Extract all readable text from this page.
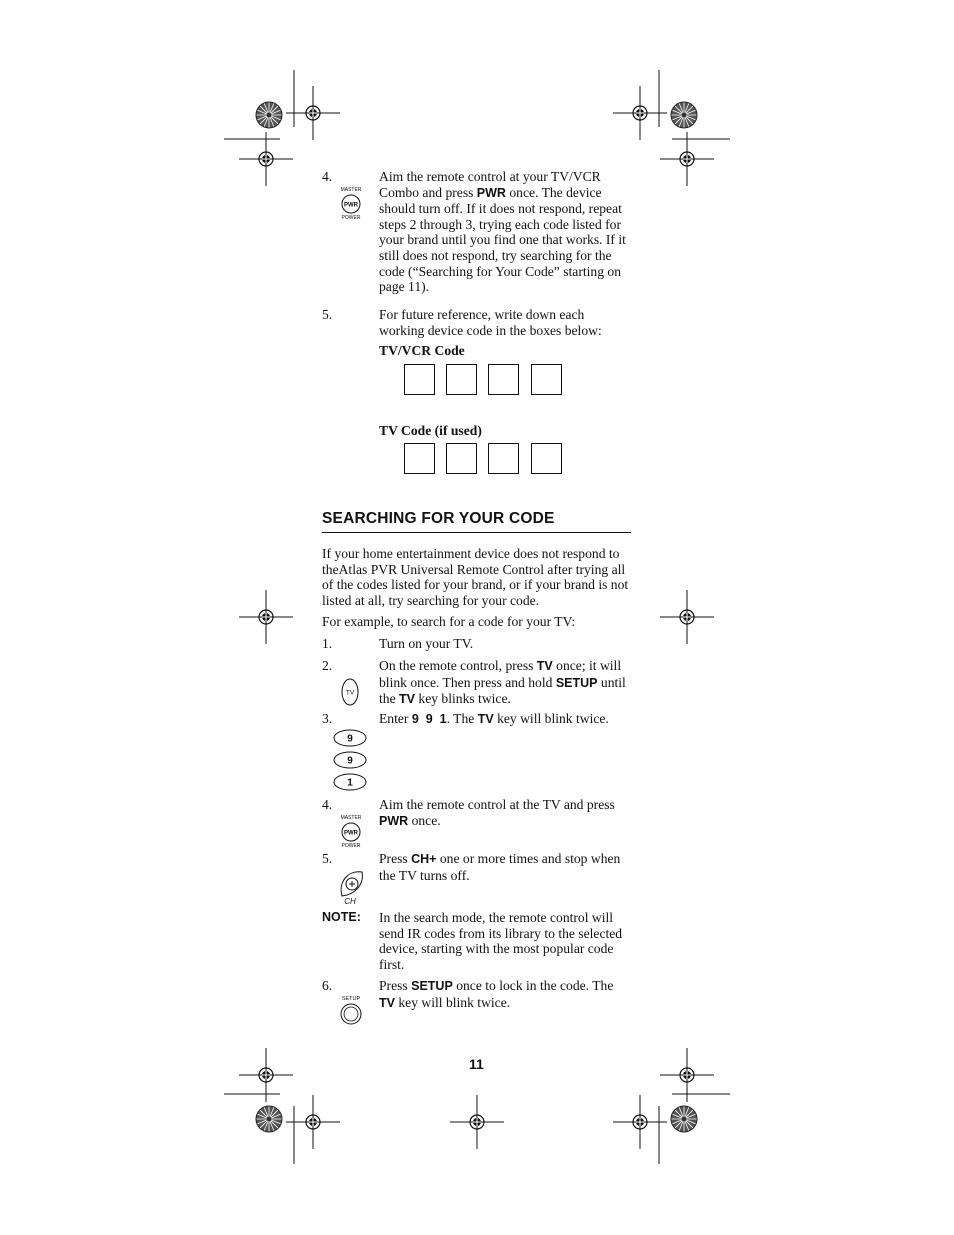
4.
MASTER
PWR
POWER
Aim the remote control at your TV/VCR Combo and press PWR once. The device should turn off. If it does not respond, repeat steps 2 through 3, trying each code listed for your brand until you find one that works. If it still does not respond, try searching for the code (“Searching for Your Code” starting on page 11).
5.	For future reference, write down each working device code in the boxes below:
TV/VCR Code
TV Code (if used)
SEARCHING FOR YOUR CODE
If your home entertainment device does not respond to theAtlas PVR Universal Remote Control after trying all of the codes listed for your brand, or if your brand is not listed at all, try searching for your code.
For example, to search for a code for your TV:
1.	Turn on your TV.
2.
TV
On the remote control, press TV once; it will blink once. Then press and hold SETUP until the TV key blinks twice.
3.
9
9
1
Enter 9  9  1. The TV key will blink twice.
4.
MASTER
PWR
POWER
Aim the remote control at the TV and press PWR once.
5.
CH
Press CH+ one or more times and stop when the TV turns off.
NOTE: In the search mode, the remote control will send IR codes from its library to the selected device, starting with the most popular code first.
6.
SETUP
Press SETUP once to lock in the code. The TV key will blink twice.
11
